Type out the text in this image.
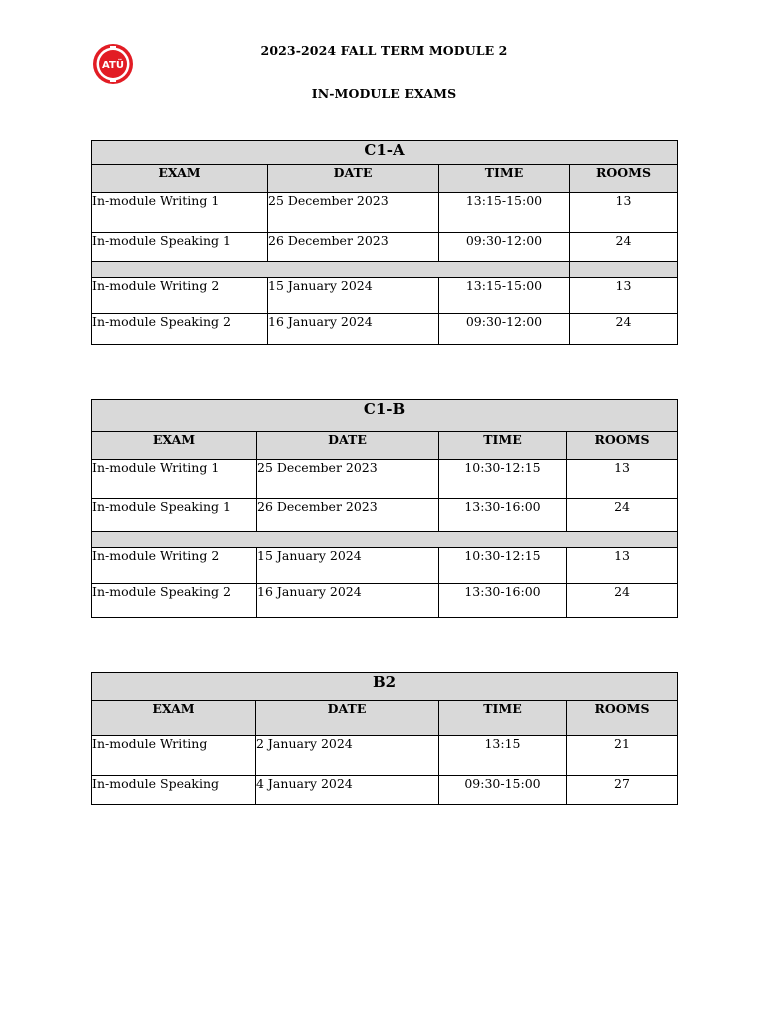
ATÜ
2023-2024 FALL TERM MODULE 2
IN-MODULE EXAMS
C1-A			
EXAM	DATE	TIME	ROOMS
In-module Writing 1	25 December 2023	13:15-15:00	13
In-module Speaking 1	26 December 2023	09:30-12:00	24

In-module Writing 2	15 January 2024	13:15-15:00	13
In-module Speaking 2	16 January 2024	09:30-12:00	24
C1-B			
EXAM	DATE	TIME	ROOMS
In-module Writing 1	25 December 2023	10:30-12:15	13
In-module Speaking 1	26 December 2023	13:30-16:00	24

In-module Writing 2	15 January 2024	10:30-12:15	13
In-module Speaking 2	16 January 2024	13:30-16:00	24
B2			
EXAM	DATE	TIME	ROOMS
In-module Writing	2 January 2024	13:15	21
In-module Speaking	4 January 2024	09:30-15:00	27
